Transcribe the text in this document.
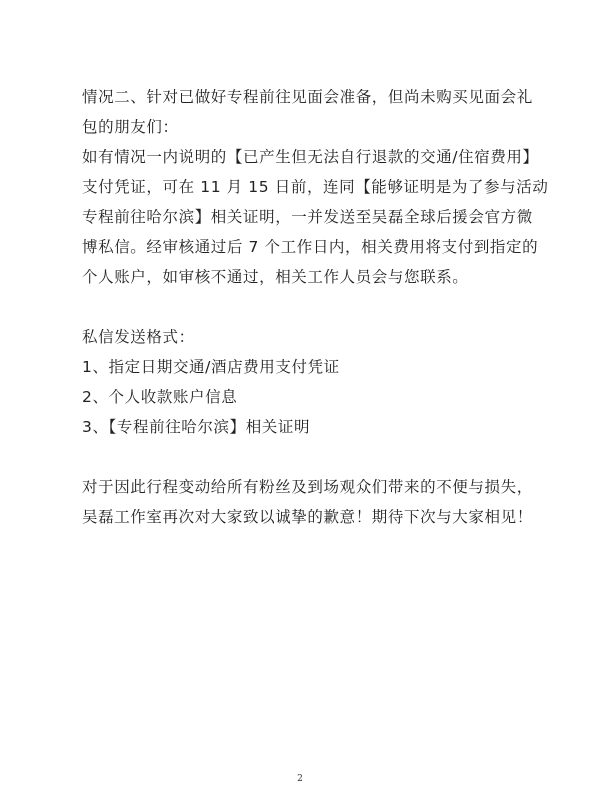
情况二、针对已做好专程前往见面会准备，但尚未购买见面会礼
包的朋友们：
如有情况一内说明的【已产生但无法自行退款的交通/住宿费用】
支付凭证，可在 11 月 15 日前，连同【能够证明是为了参与活动
专程前往哈尔滨】相关证明，一并发送至吴磊全球后援会官方微
博私信。经审核通过后 7 个工作日内，相关费用将支付到指定的
个人账户，如审核不通过，相关工作人员会与您联系。
私信发送格式：
1、指定日期交通/酒店费用支付凭证
2、个人收款账户信息
3、【专程前往哈尔滨】相关证明
对于因此行程变动给所有粉丝及到场观众们带来的不便与损失，
吴磊工作室再次对大家致以诚挚的歉意！期待下次与大家相见！
2
